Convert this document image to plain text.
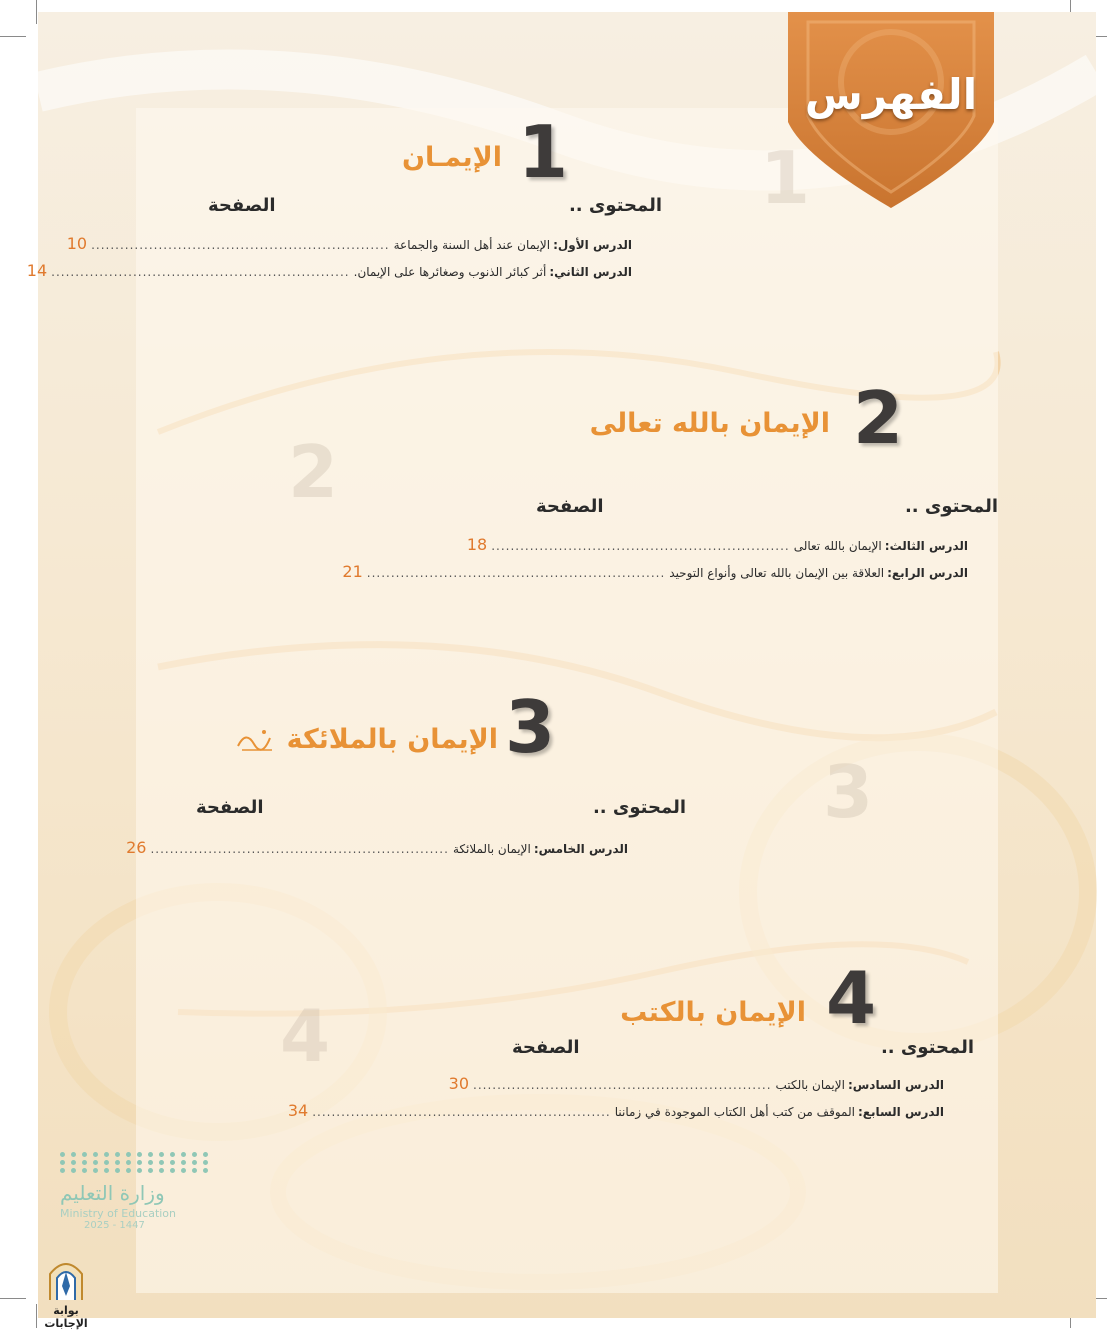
1
2
3
4
الفهرس
1
الإيمـان
المحتوى ..
الصفحة
الدرس الأول:
الإيمان عند أهل السنة والجماعة
..............................................................
10
الدرس الثاني:
أثر كبائر الذنوب وصغائرها على الإيمان.
..............................................................
14
2
الإيمان بالله تعالى
المحتوى ..
الصفحة
الدرس الثالث:
الإيمان بالله تعالى
..............................................................
18
الدرس الرابع:
العلاقة بين الإيمان بالله تعالى وأنواع التوحيد
..............................................................
21
3
الإيمان بالملائكة
المحتوى ..
الصفحة
الدرس الخامس:
الإيمان بالملائكة
..............................................................
26
4
الإيمان بالكتب
المحتوى ..
الصفحة
الدرس السادس:
الإيمان بالكتب
..............................................................
30
الدرس السابع:
الموقف من كتب أهل الكتاب الموجودة في زماننا
..............................................................
34
وزارة التعليم
Ministry of Education
2025 - 1447
بوابة الإجابات
